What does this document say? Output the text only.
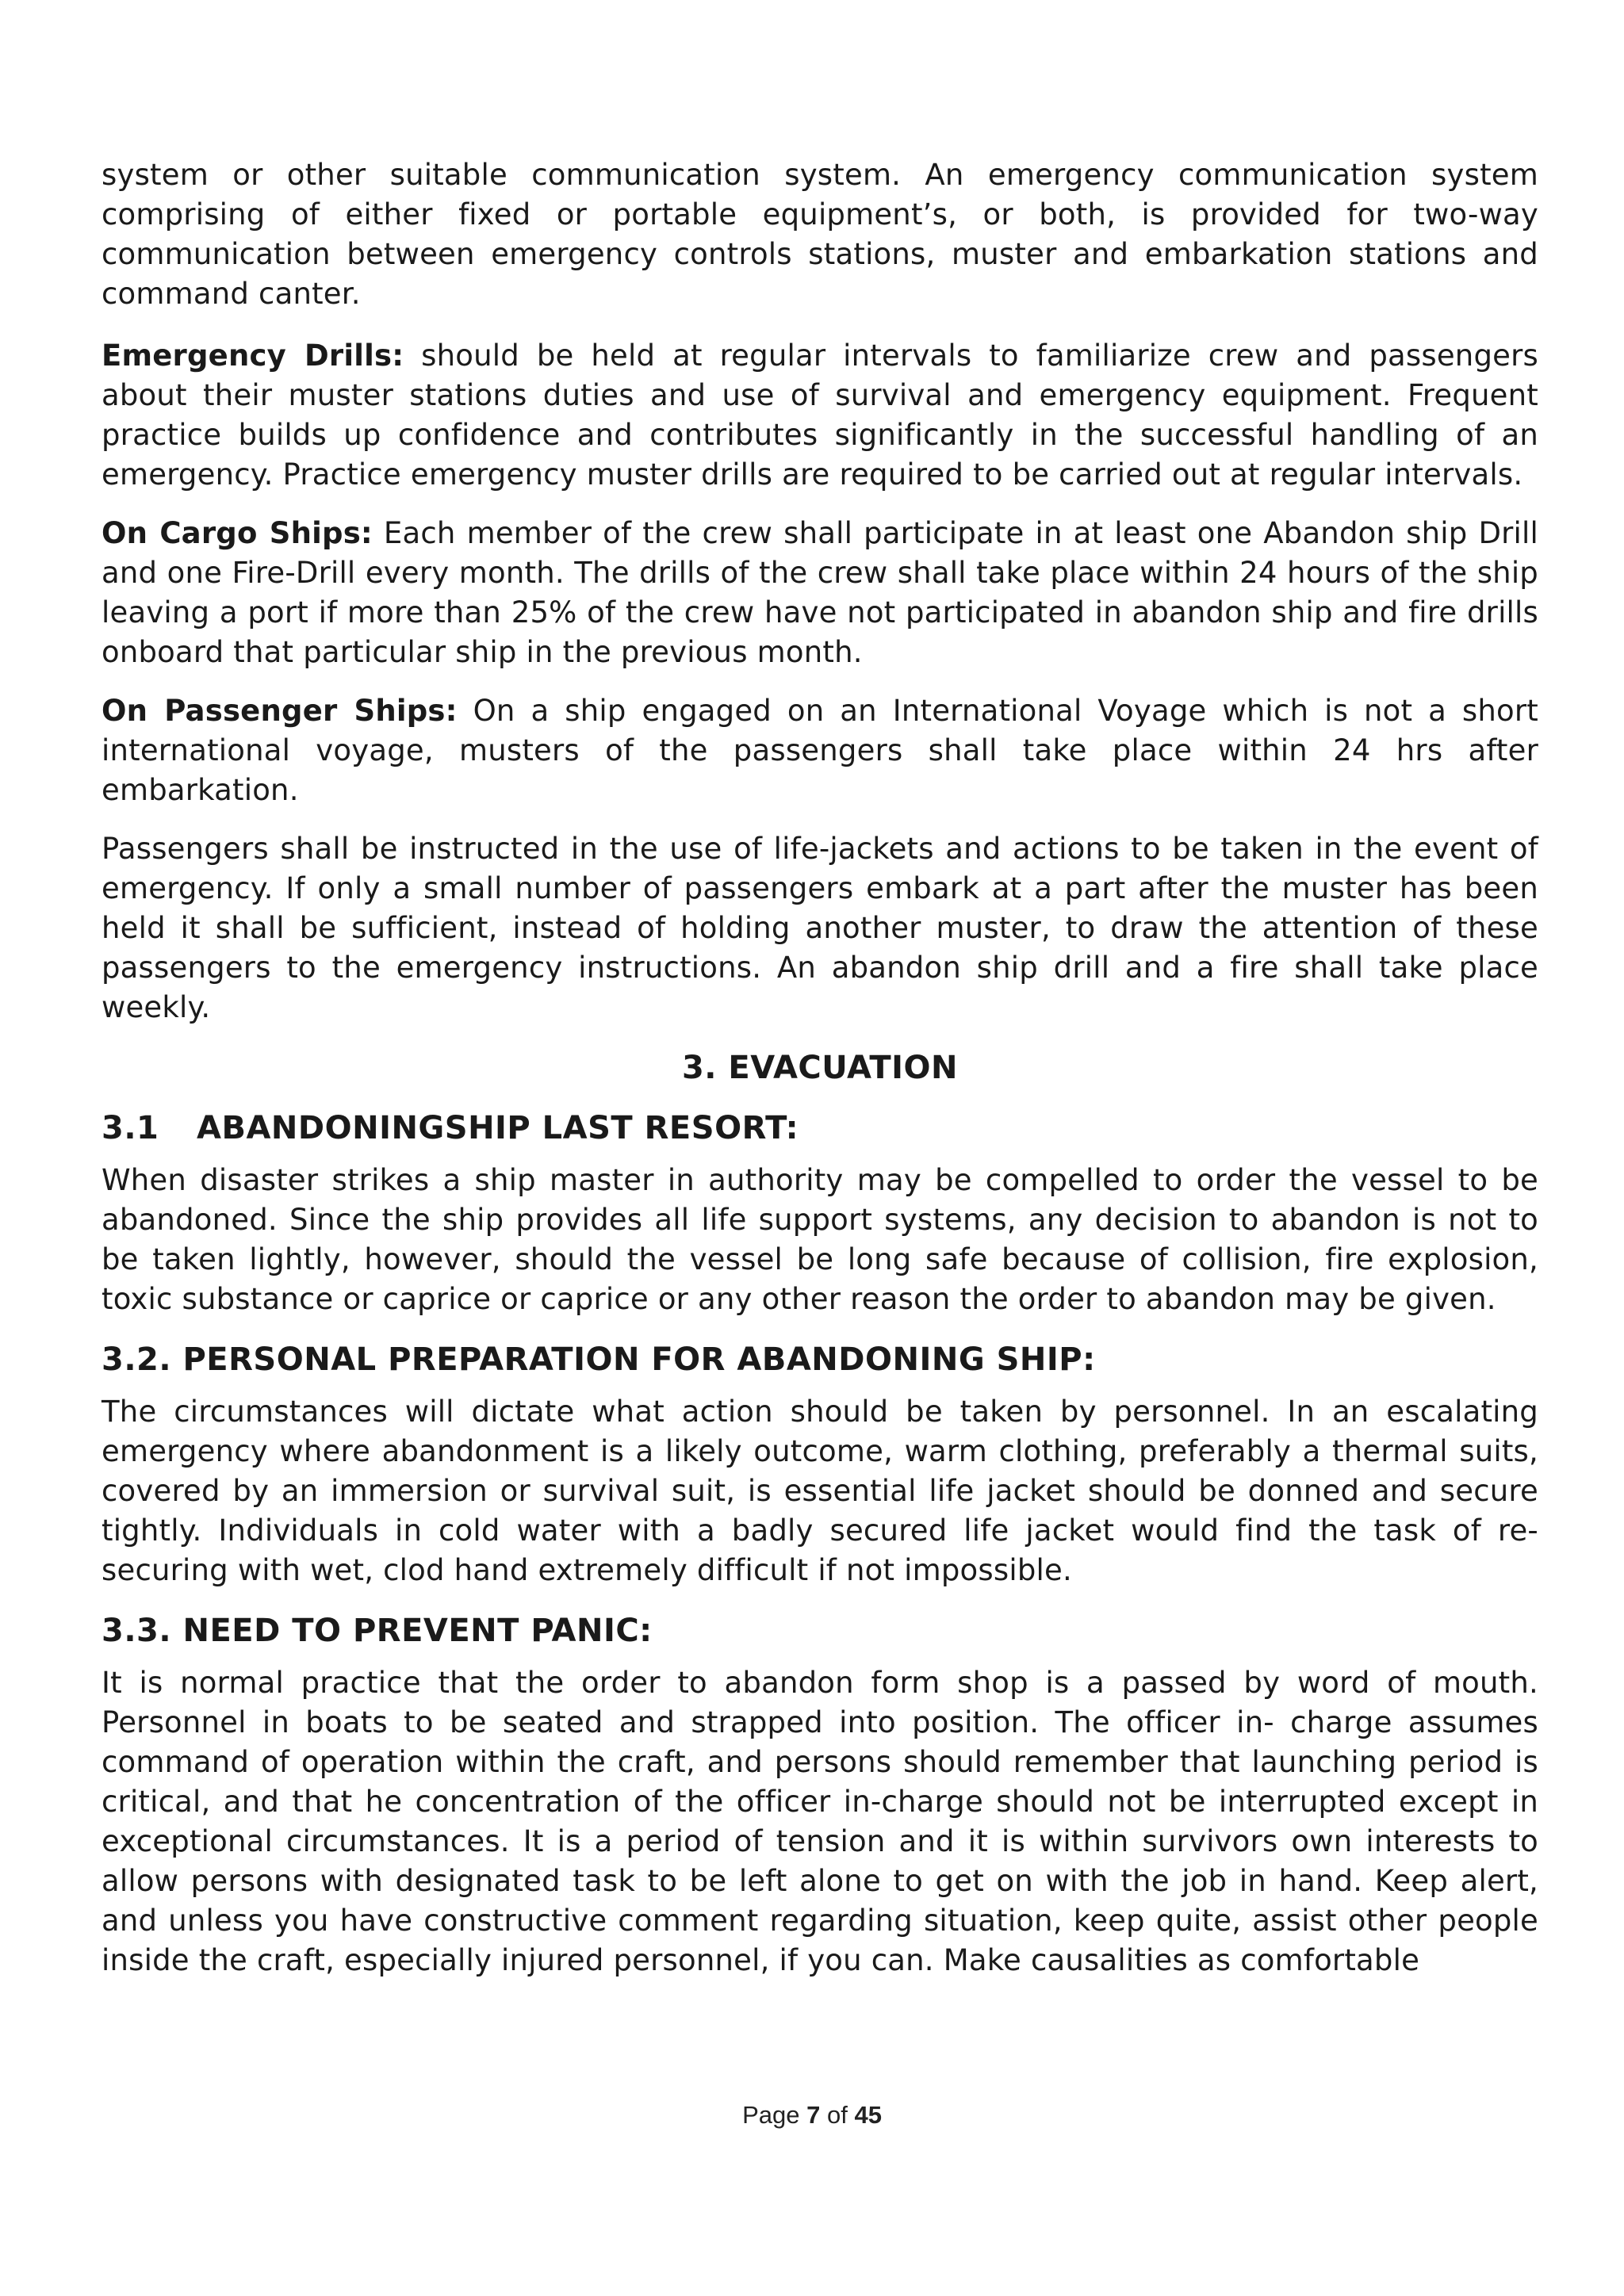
system or other suitable communication system. An emergency communication system comprising of either fixed or portable equipment’s, or both, is provided for two-way communication between emergency controls stations, muster and embarkation stations and command canter.

Emergency Drills: should be held at regular intervals to familiarize crew and passengers about their muster stations duties and use of survival and emergency equipment. Frequent practice builds up confidence and contributes significantly in the successful handling of an emergency. Practice emergency muster drills are required to be carried out at regular intervals.

On Cargo Ships: Each member of the crew shall participate in at least one Abandon ship Drill and one Fire-Drill every month. The drills of the crew shall take place within 24 hours of the ship leaving a port if more than 25% of the crew have not participated in abandon ship and fire drills onboard that particular ship in the previous month.

On Passenger Ships: On a ship engaged on an International Voyage which is not a short international voyage, musters of the passengers shall take place within 24 hrs after embarkation.

Passengers shall be instructed in the use of life-jackets and actions to be taken in the event of emergency. If only a small number of passengers embark at a part after the muster has been held it shall be sufficient, instead of holding another muster, to draw the attention of these passengers to the emergency instructions. An abandon ship drill and a fire shall take place weekly.

3. EVACUATION
3.1 ABANDONINGSHIP LAST RESORT:

When disaster strikes a ship master in authority may be compelled to order the vessel to be abandoned. Since the ship provides all life support systems, any decision to abandon is not to be taken lightly, however, should the vessel be long safe because of collision, fire explosion, toxic substance or caprice or caprice or any other reason the order to abandon may be given.

3.2. PERSONAL PREPARATION FOR ABANDONING SHIP:

The circumstances will dictate what action should be taken by personnel. In an escalating emergency where abandonment is a likely outcome, warm clothing, preferably a thermal suits, covered by an immersion or survival suit, is essential life jacket should be donned and secure tightly. Individuals in cold water with a badly secured life jacket would find the task of re-securing with wet, clod hand extremely difficult if not impossible.

3.3. NEED TO PREVENT PANIC:

It is normal practice that the order to abandon form shop is a passed by word of mouth. Personnel in boats to be seated and strapped into position. The officer in- charge assumes command of operation within the craft, and persons should remember that launching period is critical, and that he concentration of the officer in-charge should not be interrupted except in exceptional circumstances. It is a period of tension and it is within survivors own interests to allow persons with designated task to be left alone to get on with the job in hand. Keep alert, and unless you have constructive comment regarding situation, keep quite, assist other people inside the craft, especially injured personnel, if you can. Make causalities as comfortable

Page 7 of 45
